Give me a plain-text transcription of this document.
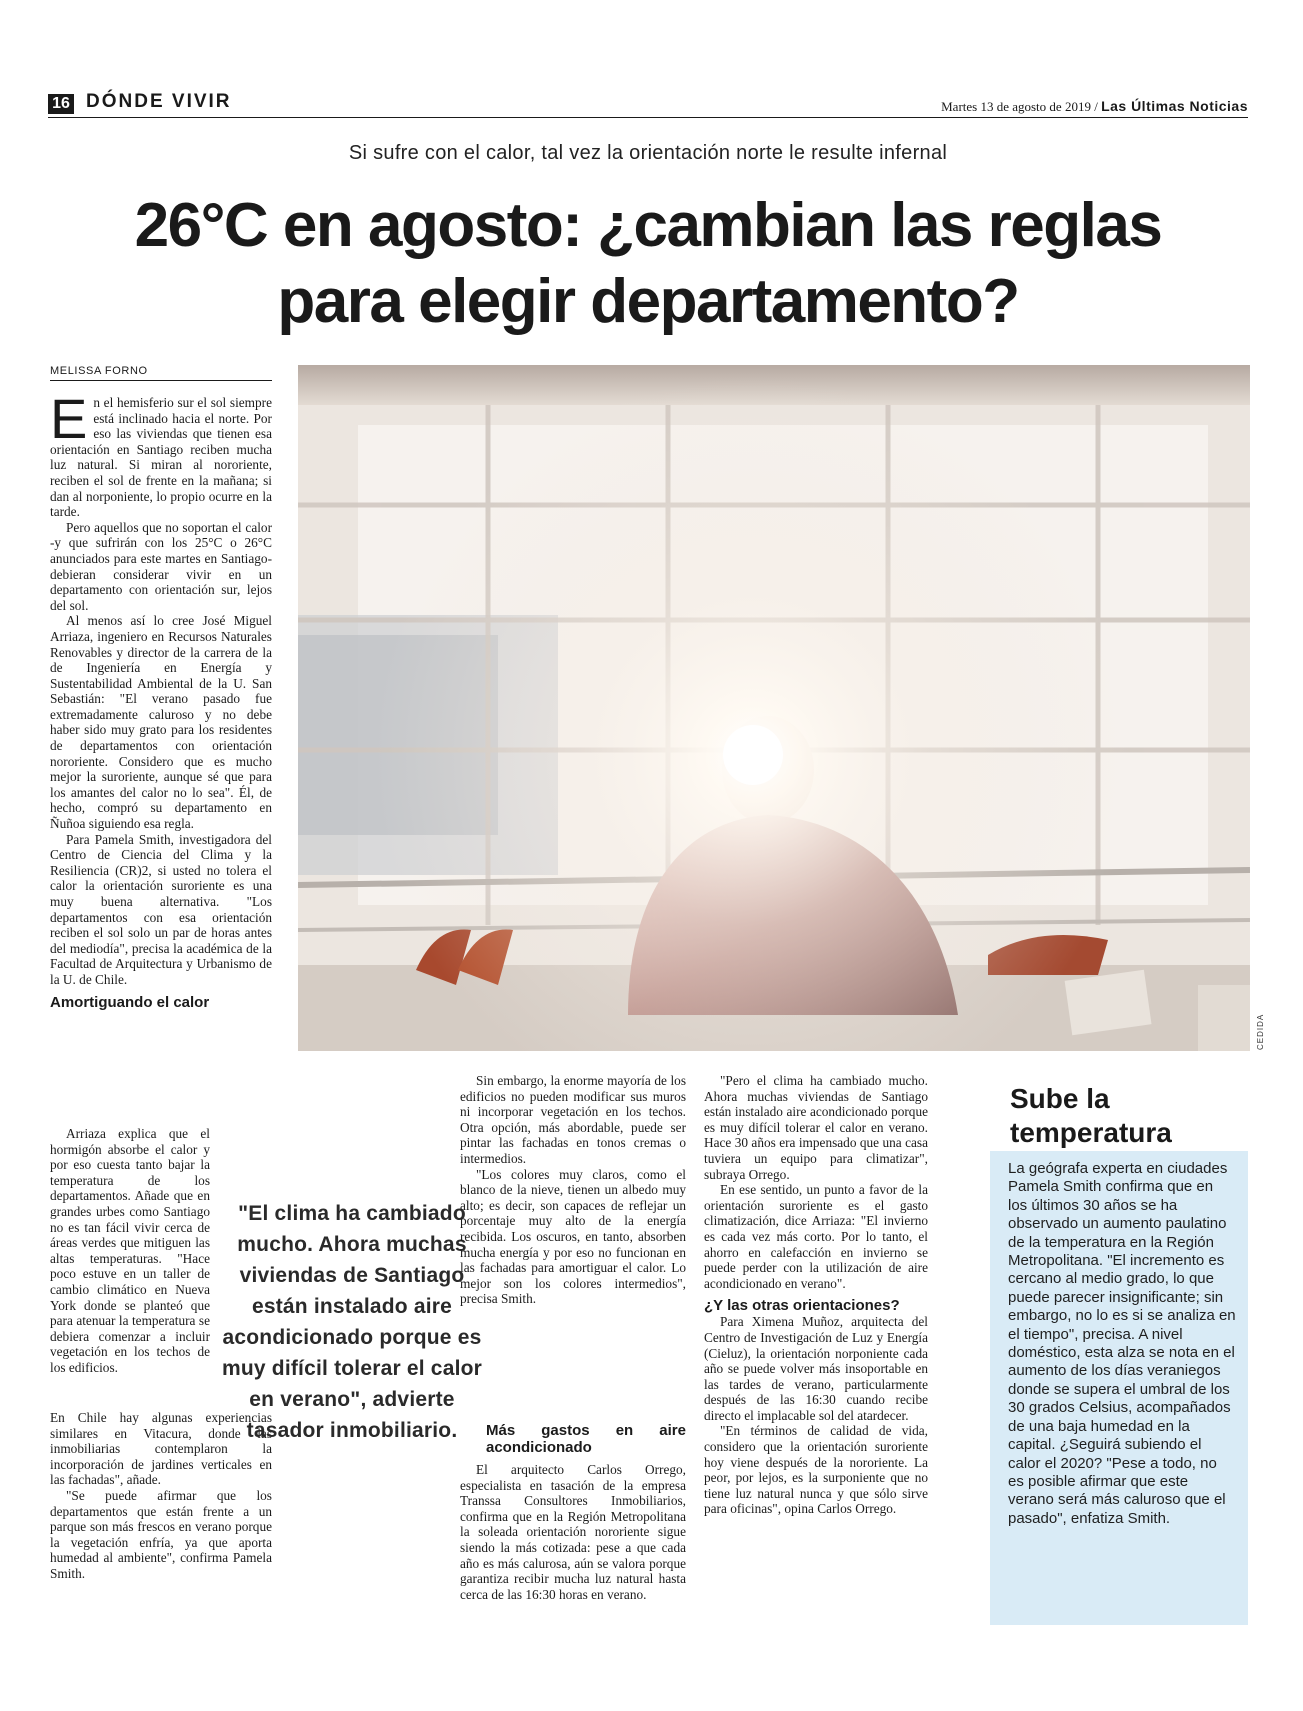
16 DÓNDE VIVIR	Martes 13 de agosto de 2019 / Las Últimas Noticias
Si sufre con el calor, tal vez la orientación norte le resulte infernal
26°C en agosto: ¿cambian las reglas
para elegir departamento?
MELISSA FORNO
CEDIDA

En el hemisferio sur el sol siempre está inclinado hacia el norte. Por eso las viviendas que tienen esa orientación en Santiago reciben mucha luz natural. Si miran al nororiente, reciben el sol de frente en la mañana; si dan al norponiente, lo propio ocurre en la tarde.

Pero aquellos que no soportan el calor -y que sufrirán con los 25°C o 26°C anunciados para este martes en Santiago- debieran considerar vivir en un departamento con orientación sur, lejos del sol.

Al menos así lo cree José Miguel Arriaza, ingeniero en Recursos Naturales Renovables y director de la carrera de la de Ingeniería en Energía y Sustentabilidad Ambiental de la U. San Sebastián: "El verano pasado fue extremadamente caluroso y no debe haber sido muy grato para los residentes de departamentos con orientación nororiente. Considero que es mucho mejor la suroriente, aunque sé que para los amantes del calor no lo sea". Él, de hecho, compró su departamento en Ñuñoa siguiendo esa regla.

Para Pamela Smith, investigadora del Centro de Ciencia del Clima y la Resiliencia (CR)2, si usted no tolera el calor la orientación suroriente es una muy buena alternativa. "Los departamentos con esa orientación reciben el sol solo un par de horas antes del mediodía", precisa la académica de la Facultad de Arquitectura y Urbanismo de la U. de Chile.

Amortiguando el calor

Arriaza explica que el hormigón absorbe el calor y por eso cuesta tanto bajar la temperatura de los departamentos. Añade que en grandes urbes como Santiago no es tan fácil vivir cerca de áreas verdes que mitiguen las altas temperaturas. "Hace poco estuve en un taller de cambio climático en Nueva York donde se planteó que para atenuar la temperatura se debiera comenzar a incluir vegetación en los techos de los edificios.

En Chile hay algunas experiencias similares en Vitacura, donde las inmobiliarias contemplaron la incorporación de jardines verticales en las fachadas", añade.

"Se puede afirmar que los departamentos que están frente a un parque son más frescos en verano porque la vegetación enfría, ya que aporta humedad al ambiente", confirma Pamela Smith.

"El clima ha cambiado mucho. Ahora muchas viviendas de Santiago están instalado aire acondicionado porque es muy difícil tolerar el calor en verano", advierte tasador inmobiliario.

Sin embargo, la enorme mayoría de los edificios no pueden modificar sus muros ni incorporar vegetación en los techos. Otra opción, más abordable, puede ser pintar las fachadas en tonos cremas o intermedios.

"Los colores muy claros, como el blanco de la nieve, tienen un albedo muy alto; es decir, son capaces de reflejar un porcentaje muy alto de la energía recibida. Los oscuros, en tanto, absorben mucha energía y por eso no funcionan en las fachadas para amortiguar el calor. Lo mejor son los colores intermedios", precisa Smith.

Más gastos en aire acondicionado

El arquitecto Carlos Orrego, especialista en tasación de la empresa Transsa Consultores Inmobiliarios, confirma que en la Región Metropolitana la soleada orientación nororiente sigue siendo la más cotizada: pese a que cada año es más calurosa, aún se valora porque garantiza recibir mucha luz natural hasta cerca de las 16:30 horas en verano.

"Pero el clima ha cambiado mucho. Ahora muchas viviendas de Santiago están instalado aire acondicionado porque es muy difícil tolerar el calor en verano. Hace 30 años era impensado que una casa tuviera un equipo para climatizar", subraya Orrego.

En ese sentido, un punto a favor de la orientación suroriente es el gasto climatización, dice Arriaza: "El invierno es cada vez más corto. Por lo tanto, el ahorro en calefacción en invierno se puede perder con la utilización de aire acondicionado en verano".

¿Y las otras orientaciones?

Para Ximena Muñoz, arquitecta del Centro de Investigación de Luz y Energía (Cieluz), la orientación norponiente cada año se puede volver más insoportable en las tardes de verano, particularmente después de las 16:30 cuando recibe directo el implacable sol del atardecer.

"En términos de calidad de vida, considero que la orientación suroriente hoy viene después de la nororiente. La peor, por lejos, es la surponiente que no tiene luz natural nunca y que sólo sirve para oficinas", opina Carlos Orrego.

Sube la temperatura
La geógrafa experta en ciudades Pamela Smith confirma que en los últimos 30 años se ha observado un aumento paulatino de la temperatura en la Región Metropolitana. "El incremento es cercano al medio grado, lo que puede parecer insignificante; sin embargo, no lo es si se analiza en el tiempo", precisa. A nivel doméstico, esta alza se nota en el aumento de los días veraniegos donde se supera el umbral de los 30 grados Celsius, acompañados de una baja humedad en la capital. ¿Seguirá subiendo el calor el 2020? "Pese a todo, no es posible afirmar que este verano será más caluroso que el pasado", enfatiza Smith.
